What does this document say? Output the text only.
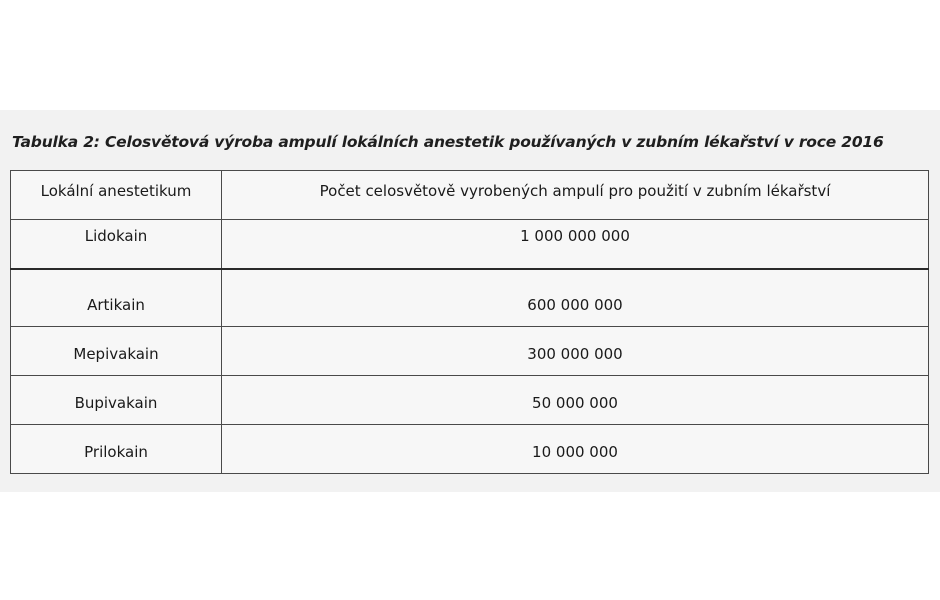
Tabulka 2: Celosvětová výroba ampulí lokálních anestetik používaných v zubním lékařství v roce 2016
Lokální anestetikum	Počet celosvětově vyrobených ampulí pro použití v zubním lékařství
Lidokain	1 000 000 000
Artikain	600 000 000
Mepivakain	300 000 000
Bupivakain	50 000 000
Prilokain	10 000 000
